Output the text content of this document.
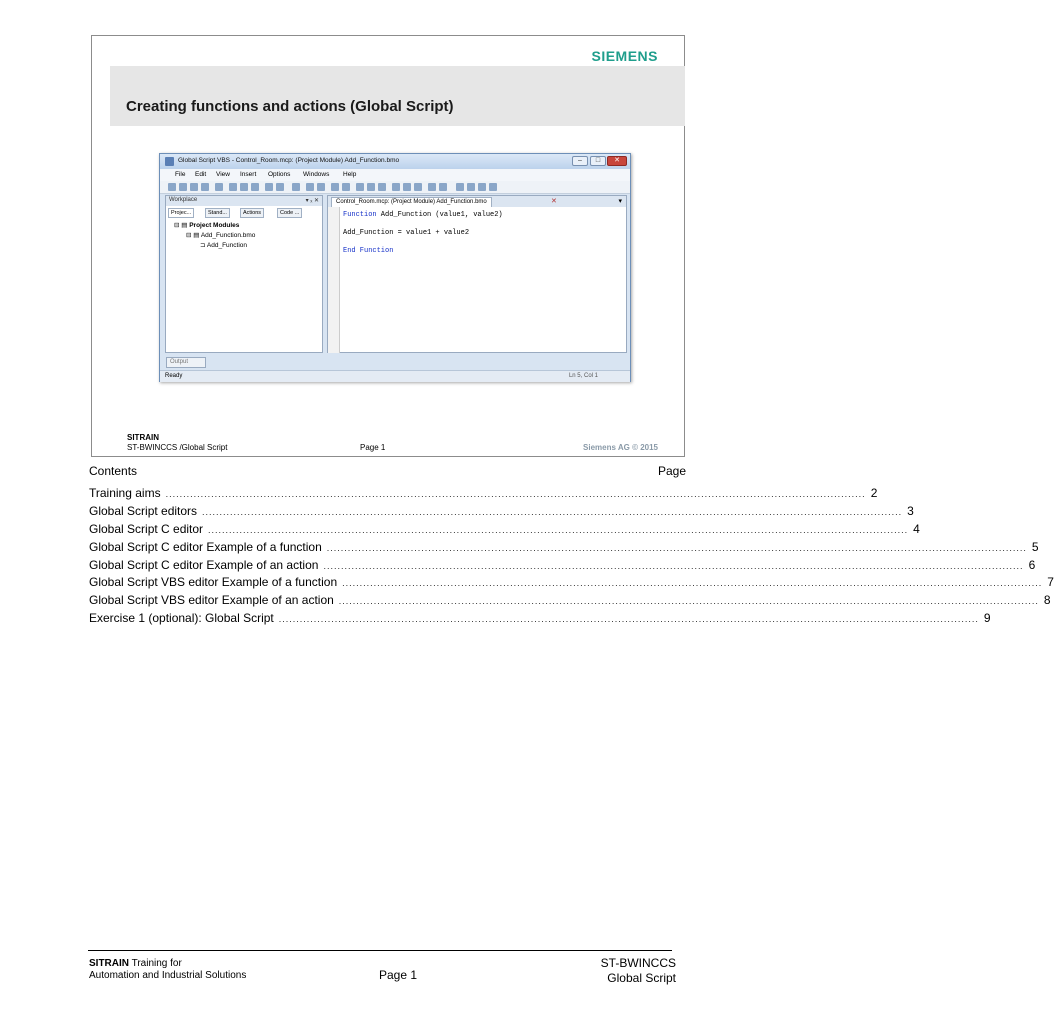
SIEMENS
Creating functions and actions (Global Script)
Global Script VBS - Control_Room.mcp: (Project Module) Add_Function.bmo	–	□	✕
File Edit View Insert Options Windows Help
Workplace	▾ ₓ ✕
Projec...	Stand...	Actions	Code ...
⊟ ▤ Project Modules
⊟ ▤ Add_Function.bmo
⊐ Add_Function
Control_Room.mcp: (Project Module) Add_Function.bmo	✕	▾
Function Add_Function (value1, value2)

Add_Function = value1 + value2

End Function
Output
Ready	Ln 5, Col 1
SITRAIN
ST-BWINCCS /Global Script	Page 1	Siemens AG © 2015
Contents	Page
Training aims ........................................................................................................................................................................................................ 2
Global Script editors ........................................................................................................................................................................................................ 3
Global Script C editor ........................................................................................................................................................................................................ 4
Global Script C editor Example of a function ........................................................................................................................................................................................................ 5
Global Script C editor Example of an action ........................................................................................................................................................................................................ 6
Global Script VBS editor Example of a function ........................................................................................................................................................................................................ 7
Global Script VBS editor Example of an action ........................................................................................................................................................................................................ 8
Exercise 1 (optional): Global Script ........................................................................................................................................................................................................ 9
SITRAIN Training for
Automation and Industrial Solutions	Page 1
ST-BWINCCS
Global Script
